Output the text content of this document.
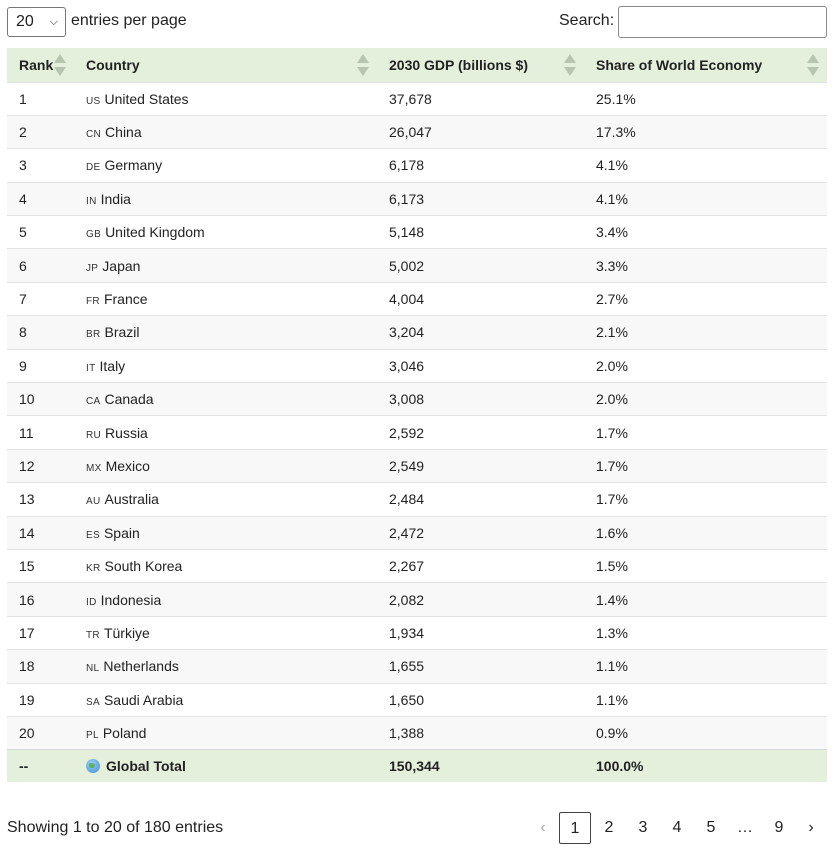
20 ⌵ entries per page	Search:
Rank	Country	2030 GDP (billions $)	Share of World Economy

1	US United States	37,678	25.1%
2	CN China	26,047	17.3%
3	DE Germany	6,178	4.1%
4	IN India	6,173	4.1%
5	GB United Kingdom	5,148	3.4%
6	JP Japan	5,002	3.3%
7	FR France	4,004	2.7%
8	BR Brazil	3,204	2.1%
9	IT Italy	3,046	2.0%
10	CA Canada	3,008	2.0%
11	RU Russia	2,592	1.7%
12	MX Mexico	2,549	1.7%
13	AU Australia	2,484	1.7%
14	ES Spain	2,472	1.6%
15	KR South Korea	2,267	1.5%
16	ID Indonesia	2,082	1.4%
17	TR Türkiye	1,934	1.3%
18	NL Netherlands	1,655	1.1%
19	SA Saudi Arabia	1,650	1.1%
20	PL Poland	1,388	0.9%
--	Global Total	150,344	100.0%
Showing 1 to 20 of 180 entries	‹	1	2	3	4	5	…	9	›
